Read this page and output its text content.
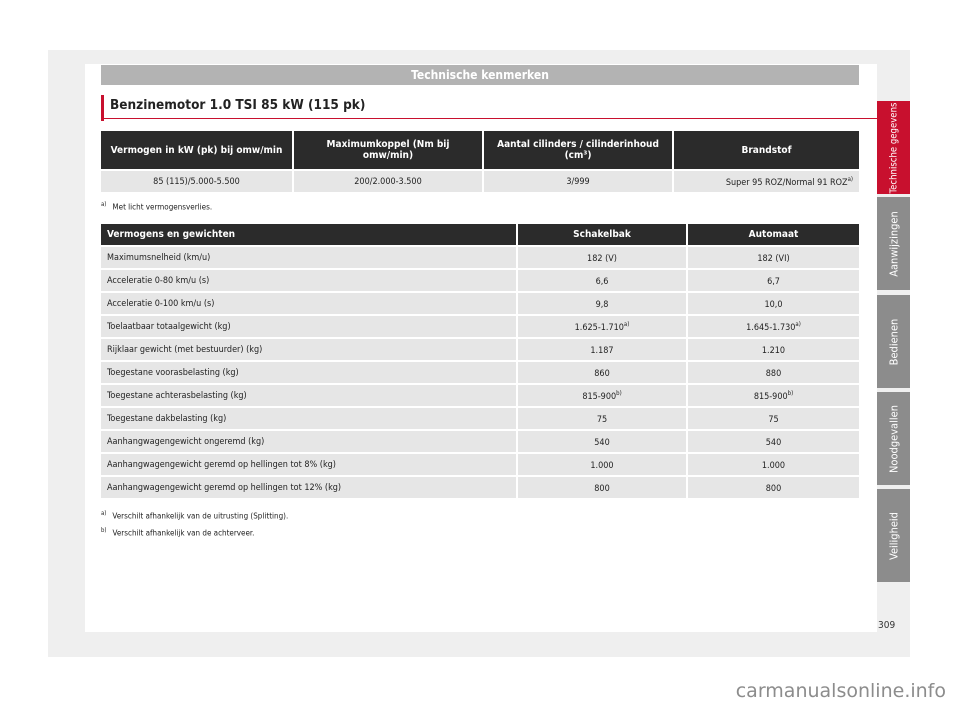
Technische kenmerken
Benzinemotor 1.0 TSI 85 kW (115 pk)
Vermogen in kW (pk) bij omw/min	Maximumkoppel (Nm bij omw/min)	Aantal cilinders / cilinderinhoud (cm³)	Brandstof
85 (115)/5.000-5.500	200/2.000-3.500	3/999	Super 95 ROZ/Normal 91 ROZ$^{a)}$
$^{a)}$ Met licht vermogensverlies.
Vermogens en gewichten	Schakelbak	Automaat
Maximumsnelheid (km/u)	182 (V)	182 (VI)
Acceleratie 0-80 km/u (s)	6,6	6,7
Acceleratie 0-100 km/u (s)	9,8	10,0
Toelaatbaar totaalgewicht (kg)	1.625-1.710$^{a)}$	1.645-1.730$^{a)}$
Rijklaar gewicht (met bestuurder) (kg)	1.187	1.210
Toegestane voorasbelasting (kg)	860	880
Toegestane achterasbelasting (kg)	815-900$^{b)}$	815-900$^{b)}$
Toegestane dakbelasting (kg)	75	75
Aanhangwagengewicht ongeremd (kg)	540	540
Aanhangwagengewicht geremd op hellingen tot 8% (kg)	1.000	1.000
Aanhangwagengewicht geremd op hellingen tot 12% (kg)	800	800
$^{a)}$ Verschilt afhankelijk van de uitrusting (Splitting).
$^{b)}$ Verschilt afhankelijk van de achterveer.
Technische gegevens
Aanwijzingen
Bedienen
Noodgevallen
Veiligheid
309
carmanualsonline.info
